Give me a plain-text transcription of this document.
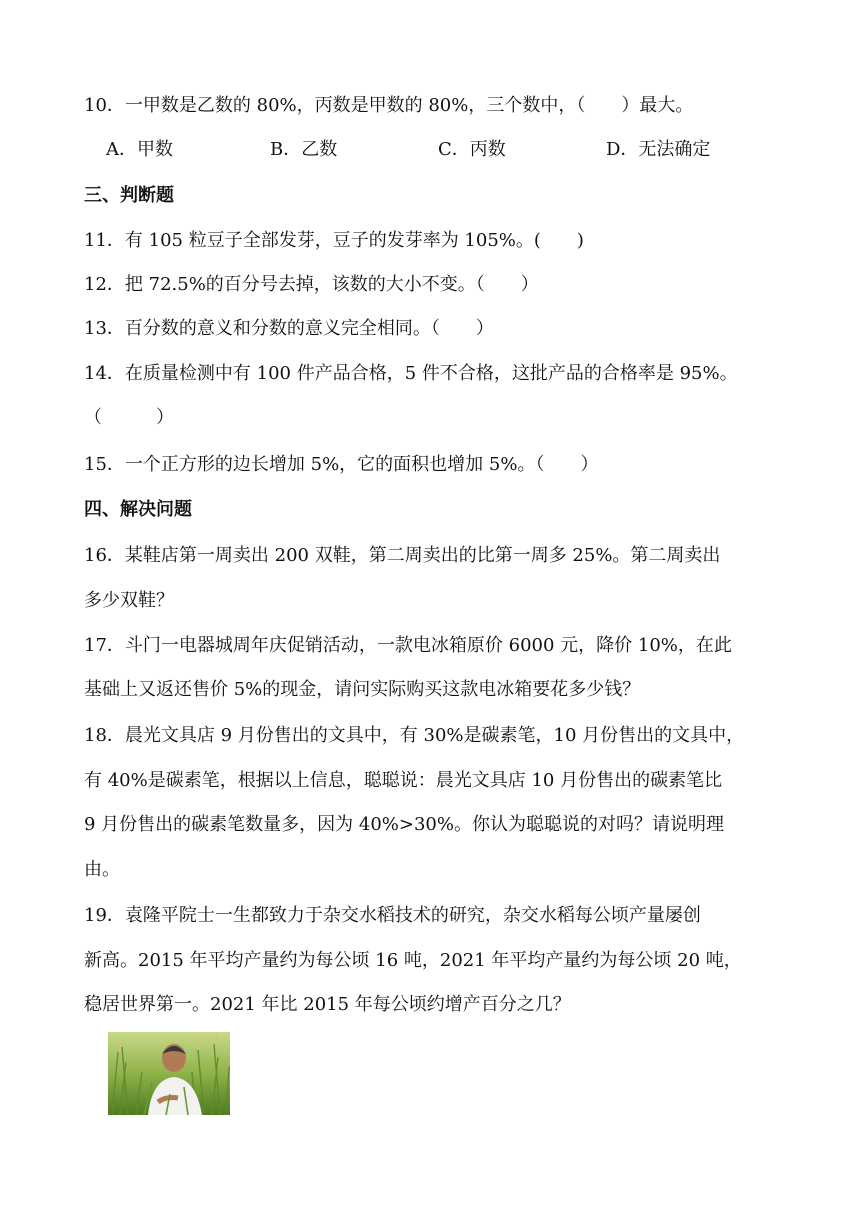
10．一甲数是乙数的 80%，丙数是甲数的 80%，三个数中，（　　）最大。
A．甲数	B．乙数	C．丙数	D．无法确定
三、判断题
11．有 105 粒豆子全部发芽，豆子的发芽率为 105%。(　　)
12．把 72.5%的百分号去掉，该数的大小不变。（　　）
13．百分数的意义和分数的意义完全相同。（　　）
14．在质量检测中有 100 件产品合格，5 件不合格，这批产品的合格率是 95%。
（　　　）
15．一个正方形的边长增加 5%，它的面积也增加 5%。（　　）
四、解决问题
16．某鞋店第一周卖出 200 双鞋，第二周卖出的比第一周多 25%。第二周卖出
多少双鞋？
17．斗门一电器城周年庆促销活动，一款电冰箱原价 6000 元，降价 10%，在此
基础上又返还售价 5%的现金，请问实际购买这款电冰箱要花多少钱？
18．晨光文具店 9 月份售出的文具中，有 30%是碳素笔，10 月份售出的文具中，
有 40%是碳素笔，根据以上信息，聪聪说：晨光文具店 10 月份售出的碳素笔比
9 月份售出的碳素笔数量多，因为 40%>30%。你认为聪聪说的对吗？请说明理
由。
19．袁隆平院士一生都致力于杂交水稻技术的研究，杂交水稻每公顷产量屡创
新高。2015 年平均产量约为每公顷 16 吨，2021 年平均产量约为每公顷 20 吨，
稳居世界第一。2021 年比 2015 年每公顷约增产百分之几？
